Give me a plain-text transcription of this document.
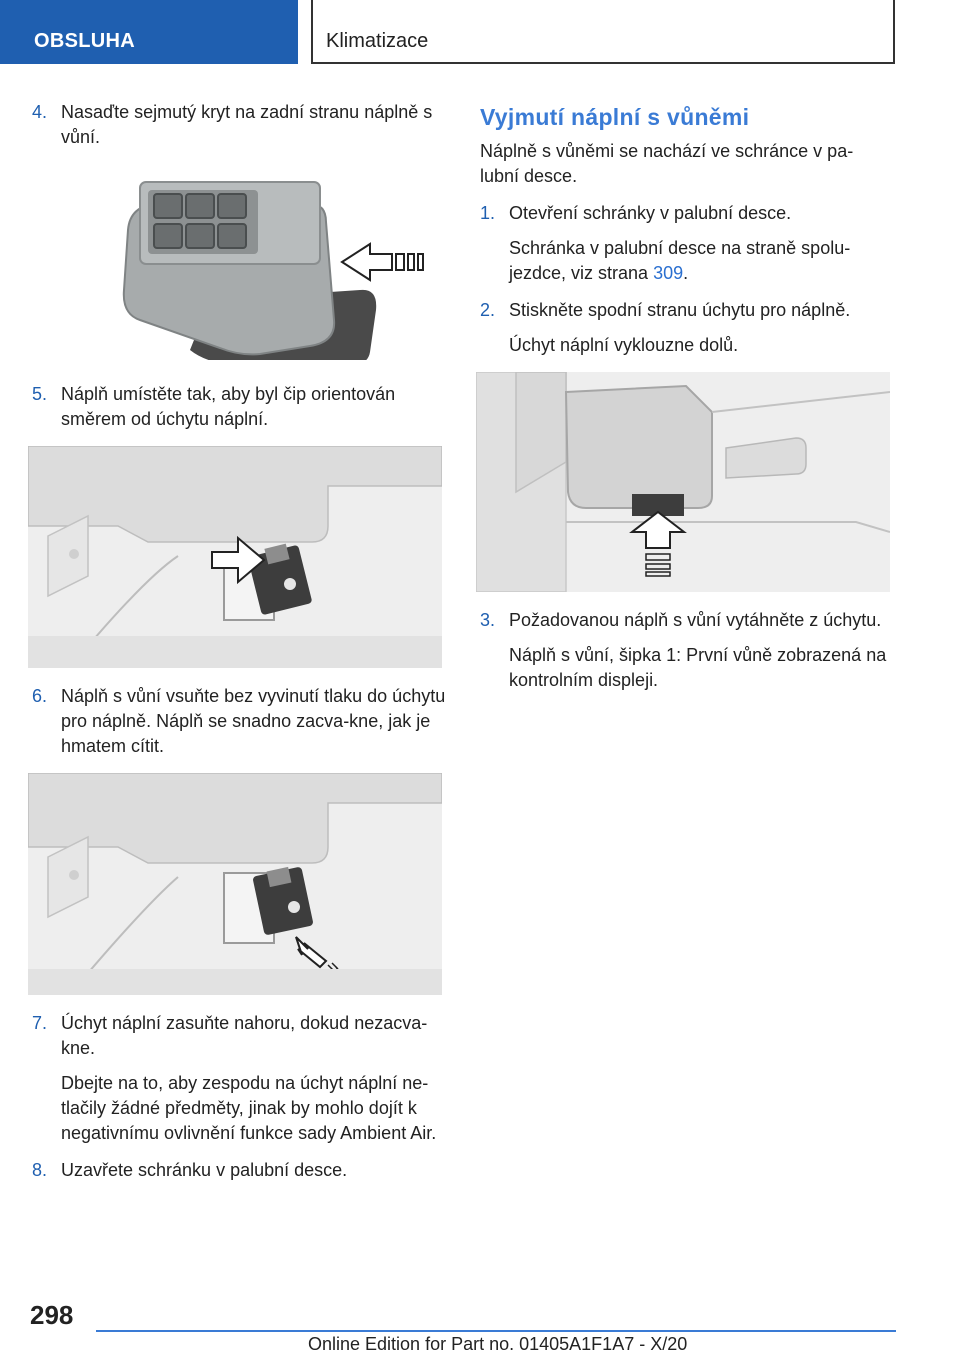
OBSLUHA	Klimatizace
4. Nasaďte sejmutý kryt na zadní stranu náplně s vůní.

5. Náplň umístěte tak, aby byl čip orientován směrem od úchytu náplní.

6. Náplň s vůní vsuňte bez vyvinutí tlaku do úchytu pro náplně. Náplň se snadno zacva‐kne, jak je hmatem cítit.

7. Úchyt náplní zasuňte nahoru, dokud nezacva‐kne.

Dbejte na to, aby zespodu na úchyt náplní ne‐tlačily žádné předměty, jinak by mohlo dojít k negativnímu ovlivnění funkce sady Ambient Air.

8. Uzavřete schránku v palubní desce.

Vyjmutí náplní s vůněmi

Náplně s vůněmi se nachází ve schránce v pa‐lubní desce.

1. Otevření schránky v palubní desce.

Schránka v palubní desce na straně spolu‐jezdce, viz strana 309.

2. Stiskněte spodní stranu úchytu pro náplně.

Úchyt náplní vyklouzne dolů.

3. Požadovanou náplň s vůní vytáhněte z úchytu.

Náplň s vůní, šipka 1: První vůně zobrazená na kontrolním displeji.

298
Online Edition for Part no. 01405A1F1A7 - X/20
